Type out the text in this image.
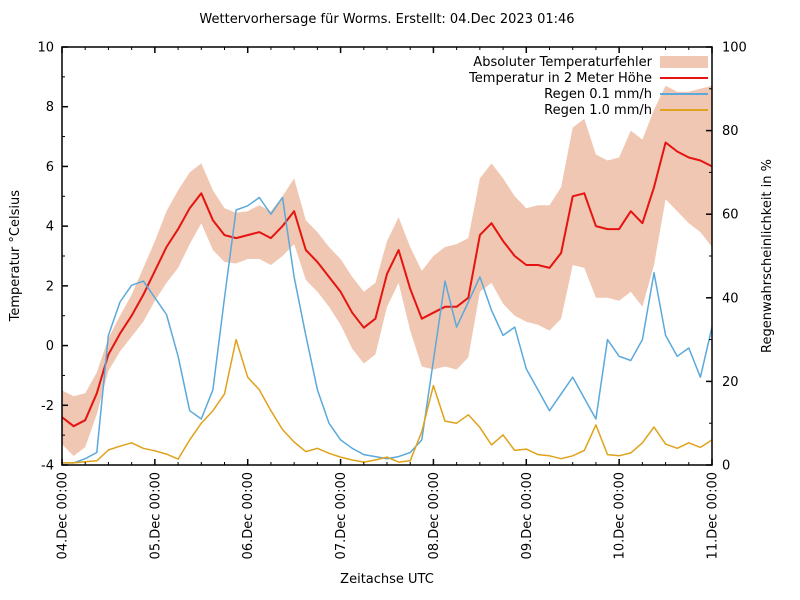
Wettervorhersage für Worms. Erstellt: 04.Dec 2023 01:46
-4
-2
0
2
4
6
8
10
0
20
40
60
80
100
04.Dec 00:00	05.Dec 00:00	06.Dec 00:00	07.Dec 00:00	08.Dec 00:00	09.Dec 00:00	10.Dec 00:00	11.Dec 00:00
Temperatur °Celsius	Regenwahrscheinlichkeit in %
Zeitachse UTC
Absoluter Temperaturfehler
Temperatur in 2 Meter Höhe
Regen 0.1 mm/h
Regen 1.0 mm/h
